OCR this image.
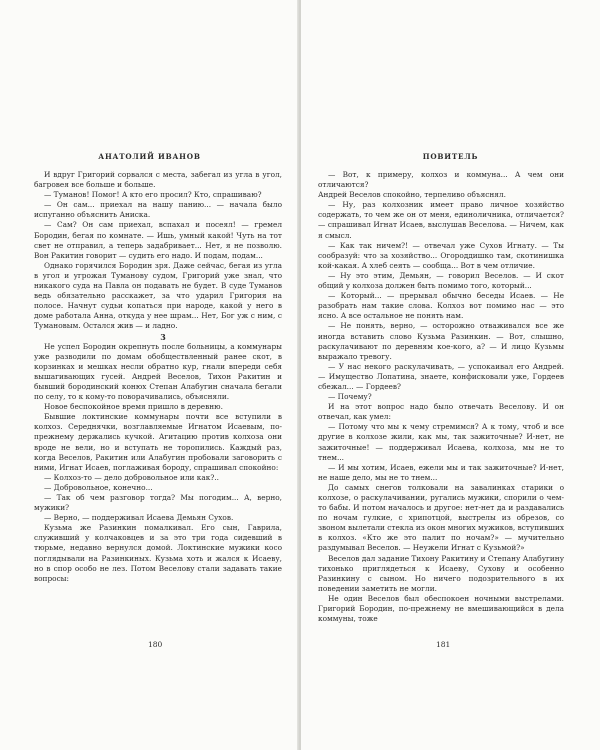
АНАТОЛИЙ ИВАНОВ

И вдруг Григорий сорвался с места, забегал из угла в угол, багровея все больше и больше.

— Туманов! Помог! А кто его просил? Кто, спрашиваю?

— Он сам... приехал на нашу панию... — начала было испуганно объяснить Аниска.

— Сам? Он сам приехал, вспахал и посеял! — гремел Бородин, бегая по комнате. — Ишь, умный какой! Чуть на тот свет не отправил, а теперь задабривает... Нет, я не позволю. Вон Ракитин говорит — судить его надо. И подам, подам...

Однако горячился Бородин зря. Даже сейчас, бегая из угла в угол и угрожая Туманову судом, Григорий уже знал, что никакого суда на Павла он подавать не будет. В суде Туманов ведь обязательно расскажет, за что ударил Григория на полосе. Начнут судьи копаться при народе, какой у него в доме работала Анна, откуда у нее шрам... Нет, Бог уж с ним, с Тумановым. Остался жив — и ладно.

3

Не успел Бородин окрепнуть после больницы, а коммунары уже разводили по домам обобществленный ранее скот, в корзинках и мешках несли обратно кур, гнали впереди себя вышагивающих гусей. Андрей Веселов, Тихон Ракитин и бывший бородинский конюх Степан Алабугин сначала бегали по селу, то к кому-то поворачивались, объясняли.

Новое беспокойное время пришло в деревню.

Бывшие локтинские коммунары почти все вступили в колхоз. Середнячки, возглавляемые Игнатом Исаевым, по-прежнему держались кучкой. Агитацию против колхоза они вроде не вели, но и вступать не торопились. Каждый раз, когда Веселов, Ракитин или Алабугин пробовали заговорить с ними, Игнат Исаев, поглаживая бороду, спрашивал спокойно:

— Колхоз-то — дело добровольное или как?..

— Добровольное, конечно...

— Так об чем разговор тогда? Мы погодим... А, верно, мужики?

— Верно, — поддерживал Исаева Демьян Сухов.

Кузьма же Разинкин помалкивал. Его сын, Гаврила, служивший у колчаковцев и за это три года сидевший в тюрьме, недавно вернулся домой. Локтинские мужики косо поглядывали на Разинкиных. Кузьма хоть и жался к Исаеву, но в спор особо не лез. Потом Веселову стали задавать такие вопросы:

180
ПОВИТЕЛЬ

— Вот, к примеру, колхоз и коммуна... А чем они отличаются?

Андрей Веселов спокойно, терпеливо объяснял.

— Ну, раз колхозник имеет право личное хозяйство содержать, то чем же он от меня, единоличника, отличается? — спрашивал Игнат Исаев, выслушав Веселова. — Ничем, как я смысл.

— Как так ничем?! — отвечал уже Сухов Игнату. — Ты сообразуй: что за хозяйство... Огороддишко там, скотинишка кой-какая. А хлеб сеять — сообща... Вот в чем отличие.

— Ну это этим, Демьян, — говорил Веселов. — И скот общий у колхоза должен быть помимо того, который...

— Который... — прерывал обычно беседы Исаев. — Не разобрать нам такие слова. Колхоз вот помимо нас — это ясно. А все остальное не понять нам.

— Не понять, верно, — осторожно отваживался все же иногда вставить слово Кузьма Разинкин. — Вот, слышно, раскулачивают по деревням кое-кого, а? — И лицо Кузьмы выражало тревогу.

— У нас некого раскулачивать, — успокаивал его Андрей. — Имущество Лопатина, знаете, конфисковали уже, Гордеев сбежал... — Гордеев?

— Почему?

И на этот вопрос надо было отвечать Веселову. И он отвечал, как умел:

— Потому что мы к чему стремимся? А к тому, чтоб и все другие в колхозе жили, как мы, так зажиточные? И-нет, не зажиточные! — поддерживал Исаева, колхоза, мы не то тнем...

— И мы хотим, Исаев, ежели мы и так зажиточные? И-нет, не наше дело, мы не то тнем...

До самых снегов толковали на завалинках старики о колхозе, о раскулачивании, ругались мужики, спорили о чем-то бабы. И потом началось и другое: нет-нет да и раздавались по ночам гулкие, с хрипотцой, выстрелы из обрезов, со звоном вылетали стекла из окон многих мужиков, вступивших в колхоз. «Кто же это палит по ночам?» — мучительно раздумывал Веселов. — Неужели Игнат с Кузьмой?»

Веселов дал задание Тихону Ракитину и Степану Алабугину тихонько приглядеться к Исаеву, Сухову и особенно Разинкину с сыном. Но ничего подозрительного в их поведении заметить не могли.

Не один Веселов был обеспокоен ночными выстрелами. Григорий Бородин, по-прежнему не вмешивающийся в дела коммуны, тоже

181
